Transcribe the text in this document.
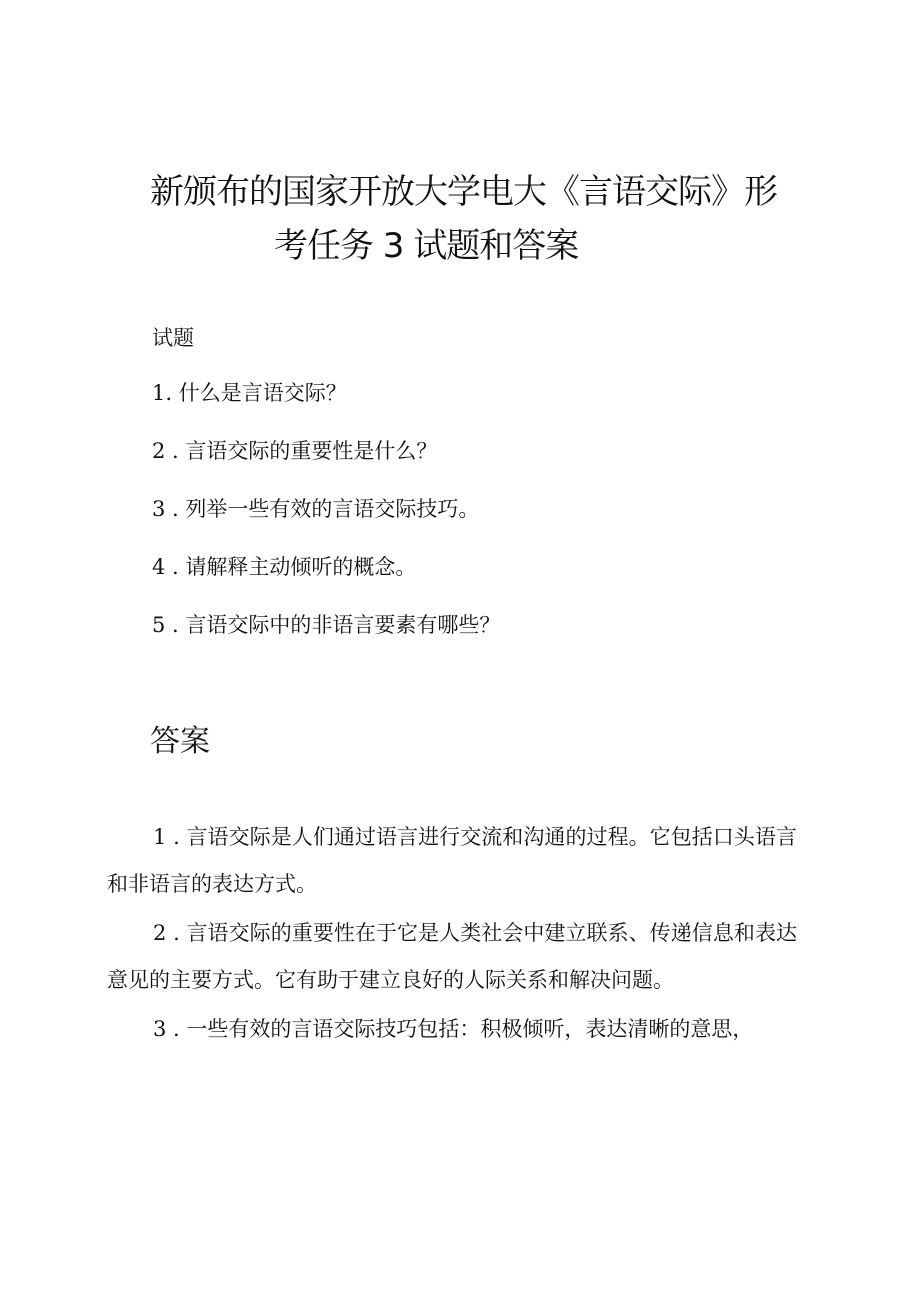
新颁布的国家开放大学电大《言语交际》形
考任务 3 试题和答案

试题

1. 什么是言语交际？
2 . 言语交际的重要性是什么？
3 . 列举一些有效的言语交际技巧。
4 . 请解释主动倾听的概念。
5 . 言语交际中的非语言要素有哪些？
答案

1 . 言语交际是人们通过语言进行交流和沟通的过程。它包括口头语言和非语言的表达方式。

2 . 言语交际的重要性在于它是人类社会中建立联系、传递信息和表达意见的主要方式。它有助于建立良好的人际关系和解决问题。

3 . 一些有效的言语交际技巧包括：积极倾听，表达清晰的意思，
